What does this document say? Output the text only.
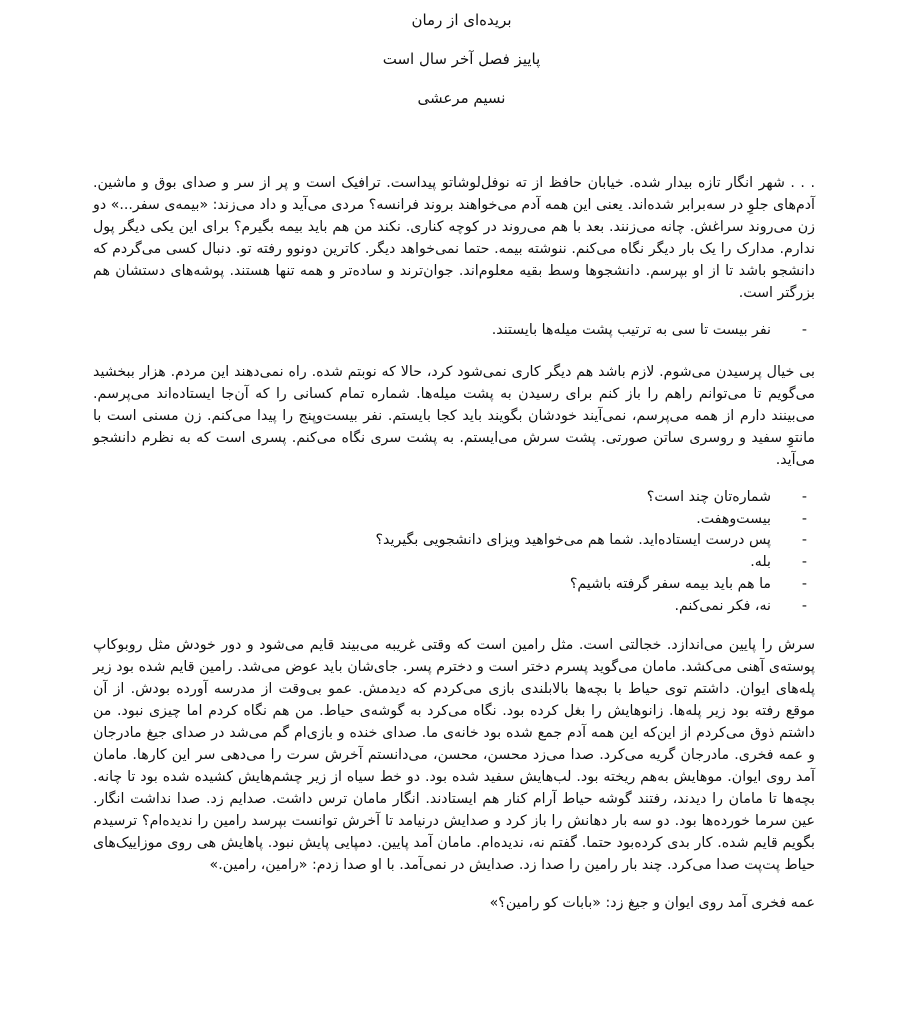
بریده‌ای از رمان
پاییز فصل آخر سال است
نسیم مرعشی

. . . شهر انگار تازه بیدار شده. خیابان حافظ از ته نوفل‌لوشاتو پیداست. ترافیک است و پر از سر و صدای بوق و ماشین. آدم‌های جلوِ در سه‌برابر شده‌اند. یعنی این همه آدم می‌خواهند بروند فرانسه؟ مردی می‌آید و داد می‌زند: «بیمه‌ی سفر...» دو زن می‌روند سراغش. چانه می‌زنند. بعد با هم می‌روند در کوچه کناری. نکند من هم باید بیمه بگیرم؟ برای این یکی دیگر پول ندارم. مدارک را یک بار دیگر نگاه می‌کنم. ننوشته بیمه. حتما نمی‌خواهد دیگر. کاترین دونوو رفته تو. دنبال کسی می‌گردم که دانشجو باشد تا از او بپرسم. دانشجوها وسط بقیه معلوم‌اند. جوان‌ترند و ساده‌تر و همه تنها هستند. پوشه‌های دستشان هم بزرگتر است.

-
نفر بیست تا سی به ترتیب پشت میله‌ها بایستند.

بی خیال پرسیدن می‌شوم. لازم باشد هم دیگر کاری نمی‌شود کرد، حالا که نوبتم شده. راه نمی‌دهند این مردم. هزار ببخشید می‌گویم تا می‌توانم راهم را باز کنم برای رسیدن به پشت میله‌ها. شماره تمام کسانی را که آن‌جا ایستاده‌اند می‌پرسم. می‌بینند دارم از همه می‌پرسم، نمی‌آیند خودشان بگویند باید کجا بایستم. نفر بیست‌وپنج را پیدا می‌کنم. زن مسنی است با مانتوِ سفید و روسری ساتن صورتی. پشت سرش می‌ایستم. به پشت سری نگاه می‌کنم. پسری است که به نظرم دانشجو می‌آید.

-
شماره‌تان چند است؟
-
بیست‌وهفت.
-
پس درست ایستاده‌اید. شما هم می‌خواهید ویزای دانشجویی بگیرید؟
-
بله.
-
ما هم باید بیمه سفر گرفته باشیم؟
-
نه، فکر نمی‌کنم.

سرش را پایین می‌اندازد. خجالتی است. مثل رامین است که وقتی غریبه می‌بیند قایم می‌شود و دور خودش مثل روبوکاپ پوسته‌ی آهنی می‌کشد. مامان می‌گوید پسرم دختر است و دخترم پسر. جای‌شان باید عوض می‌شد. رامین قایم شده بود زیر پله‌های ایوان. داشتم توی حیاط با بچه‌ها بالابلندی بازی می‌کردم که دیدمش. عمو بی‌وقت از مدرسه آورده بودش. از آن موقع رفته بود زیر پله‌ها. زانوهایش را بغل کرده بود. نگاه می‌کرد به گوشه‌ی حیاط. من هم نگاه کردم اما چیزی نبود. من داشتم ذوق می‌کردم از این‌که این همه آدم جمع شده بود خانه‌ی ما. صدای خنده و بازی‌ام گم می‌شد در صدای جیغ مادرجان و عمه فخری. مادرجان گریه می‌کرد. صدا می‌زد محسن، محسن، می‌دانستم آخرش سرت را می‌دهی سر این کارها. مامان آمد روی ایوان. موهایش به‌هم ریخته بود. لب‌هایش سفید شده بود. دو خط سیاه از زیر چشم‌هایش کشیده شده بود تا چانه. بچه‌ها تا مامان را دیدند، رفتند گوشه حیاط آرام کنار هم ایستادند. انگار مامان ترس داشت. صدایم زد. صدا نداشت انگار. عین سرما خورده‌ها بود. دو سه بار دهانش را باز کرد و صدایش درنیامد تا آخرش توانست بپرسد رامین را ندیده‌ام؟ ترسیدم بگویم قایم شده. کار بدی کرده‌بود حتما. گفتم نه، ندیده‌ام. مامان آمد پایین. دمپایی پایش نبود. پاهایش هی روی موزاییک‌های حیاط پت‌پت صدا می‌کرد. چند بار رامین را صدا زد. صدایش در نمی‌آمد. با او صدا زدم: «رامین، رامین.»

عمه فخری آمد روی ایوان و جیغ زد: «بابات کو رامین؟»
